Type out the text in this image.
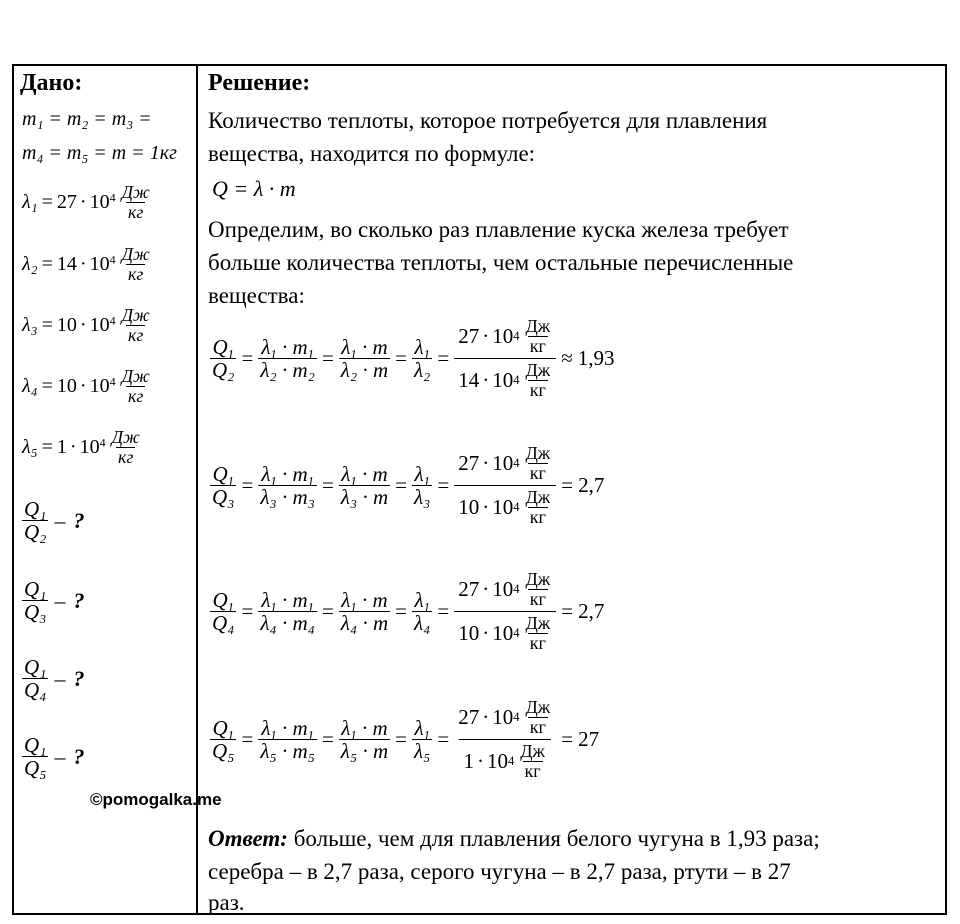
Дано:
m₁ = m₂ = m₃ =
m₄ = m₅ = m = 1кг
$\lambda_1 = 27 \cdot 10^4$ Дж
кг
$\lambda_2 = 14 \cdot 10^4$ Дж
кг
$\lambda_3 = 10 \cdot 10^4$ Дж
кг
$\lambda_4 = 10 \cdot 10^4$ Дж
кг
$\lambda_5 = 1 \cdot 10^4$ Дж
кг
$\frac{\text{Q₁}}{\text{Q₂}}$ – ?
$\frac{\text{Q₁}}{\text{Q₃}}$ – ?
$\frac{\text{Q₁}}{\text{Q₄}}$ – ?
$\frac{\text{Q₁}}{\text{Q₅}}$ – ?
©pomogalka.me
Решение:
Количество теплоты, которое потребуется для плавления
вещества, находится по формуле:
Q = λ · m
Определим, во сколько раз плавление куска железа требует
больше количества теплоты, чем остальные перечисленные
вещества:
$\frac{Q_1}{\text{Q₂}} = \frac{\lambda_1 \cdot m_1}{\text{λ₂ · m₂}} = \frac{\lambda_1 \cdot m}{\text{λ₂ · m}} = \frac{\lambda_1}{\text{λ₂}}$ =
27 · 10 4
Дж
кг
14 · 10 4
Дж
кг
≈ 1,93
$\frac{Q_1}{\text{Q₃}} = \frac{\lambda_1 \cdot m_1}{\text{λ₃ · m₃}} = \frac{\lambda_1 \cdot m}{\text{λ₃ · m}} = \frac{\lambda_1}{\text{λ₃}}$ =
27 · 10 4
Дж
кг
10 · 10 4
Дж
кг
= 2,7
$\frac{Q_1}{\text{Q₄}} = \frac{\lambda_1 \cdot m_1}{\text{λ₄ · m₄}} = \frac{\lambda_1 \cdot m}{\text{λ₄ · m}} = \frac{\lambda_1}{\text{λ₄}}$ =
27 · 10 4
Дж
кг
10 · 10 4
Дж
кг
= 2,7
$\frac{Q_1}{\text{Q₅}} = \frac{\lambda_1 \cdot m_1}{\text{λ₅ · m₅}} = \frac{\lambda_1 \cdot m}{\text{λ₅ · m}} = \frac{\lambda_1}{\text{λ₅}}$ =
27 · 10 4
Дж
кг
1 · 10 4
Дж
кг
= 27
Ответ: больше, чем для плавления белого чугуна в 1,93 раза;
серебра – в 2,7 раза, серого чугуна – в 2,7 раза, ртути – в 27
раз.
